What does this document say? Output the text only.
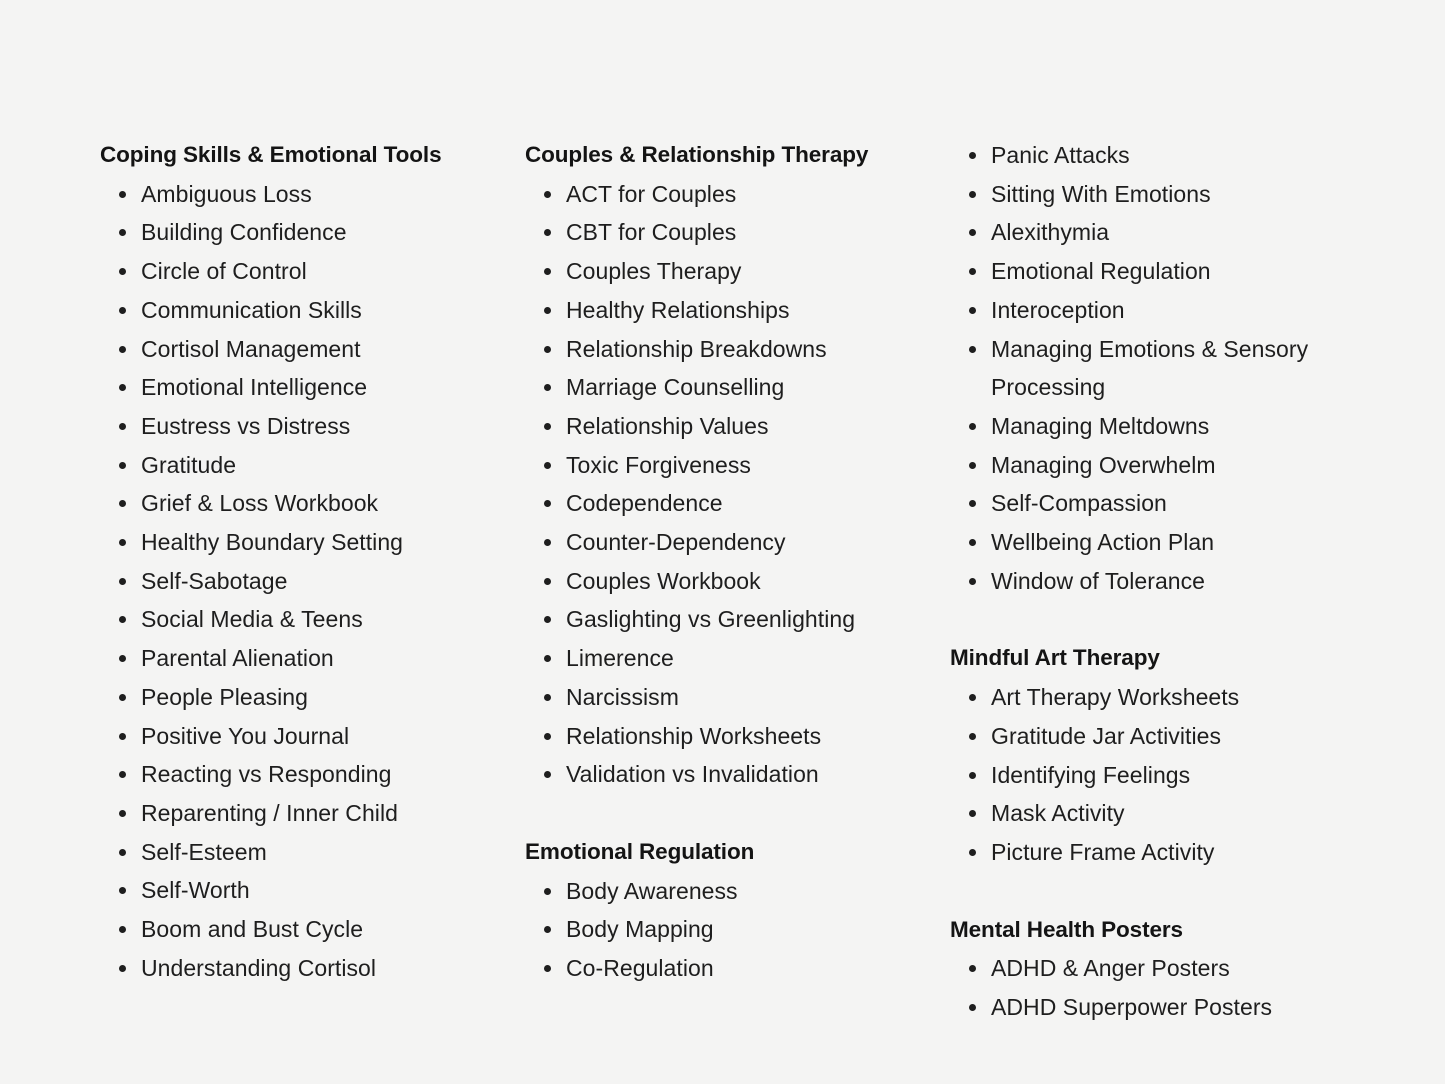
Coping Skills & Emotional Tools
Ambiguous Loss
Building Confidence
Circle of Control
Communication Skills
Cortisol Management
Emotional Intelligence
Eustress vs Distress
Gratitude
Grief & Loss Workbook
Healthy Boundary Setting
Self-Sabotage
Social Media & Teens
Parental Alienation
People Pleasing
Positive You Journal
Reacting vs Responding
Reparenting / Inner Child
Self-Esteem
Self-Worth
Boom and Bust Cycle
Understanding Cortisol
Couples & Relationship Therapy
ACT for Couples
CBT for Couples
Couples Therapy
Healthy Relationships
Relationship Breakdowns
Marriage Counselling
Relationship Values
Toxic Forgiveness
Codependence
Counter-Dependency
Couples Workbook
Gaslighting vs Greenlighting
Limerence
Narcissism
Relationship Worksheets
Validation vs Invalidation
Emotional Regulation
Body Awareness
Body Mapping
Co-Regulation
Panic Attacks
Sitting With Emotions
Alexithymia
Emotional Regulation
Interoception
Managing Emotions & Sensory Processing
Managing Meltdowns
Managing Overwhelm
Self-Compassion
Wellbeing Action Plan
Window of Tolerance
Mindful Art Therapy
Art Therapy Worksheets
Gratitude Jar Activities
Identifying Feelings
Mask Activity
Picture Frame Activity
Mental Health Posters
ADHD & Anger Posters
ADHD Superpower Posters
